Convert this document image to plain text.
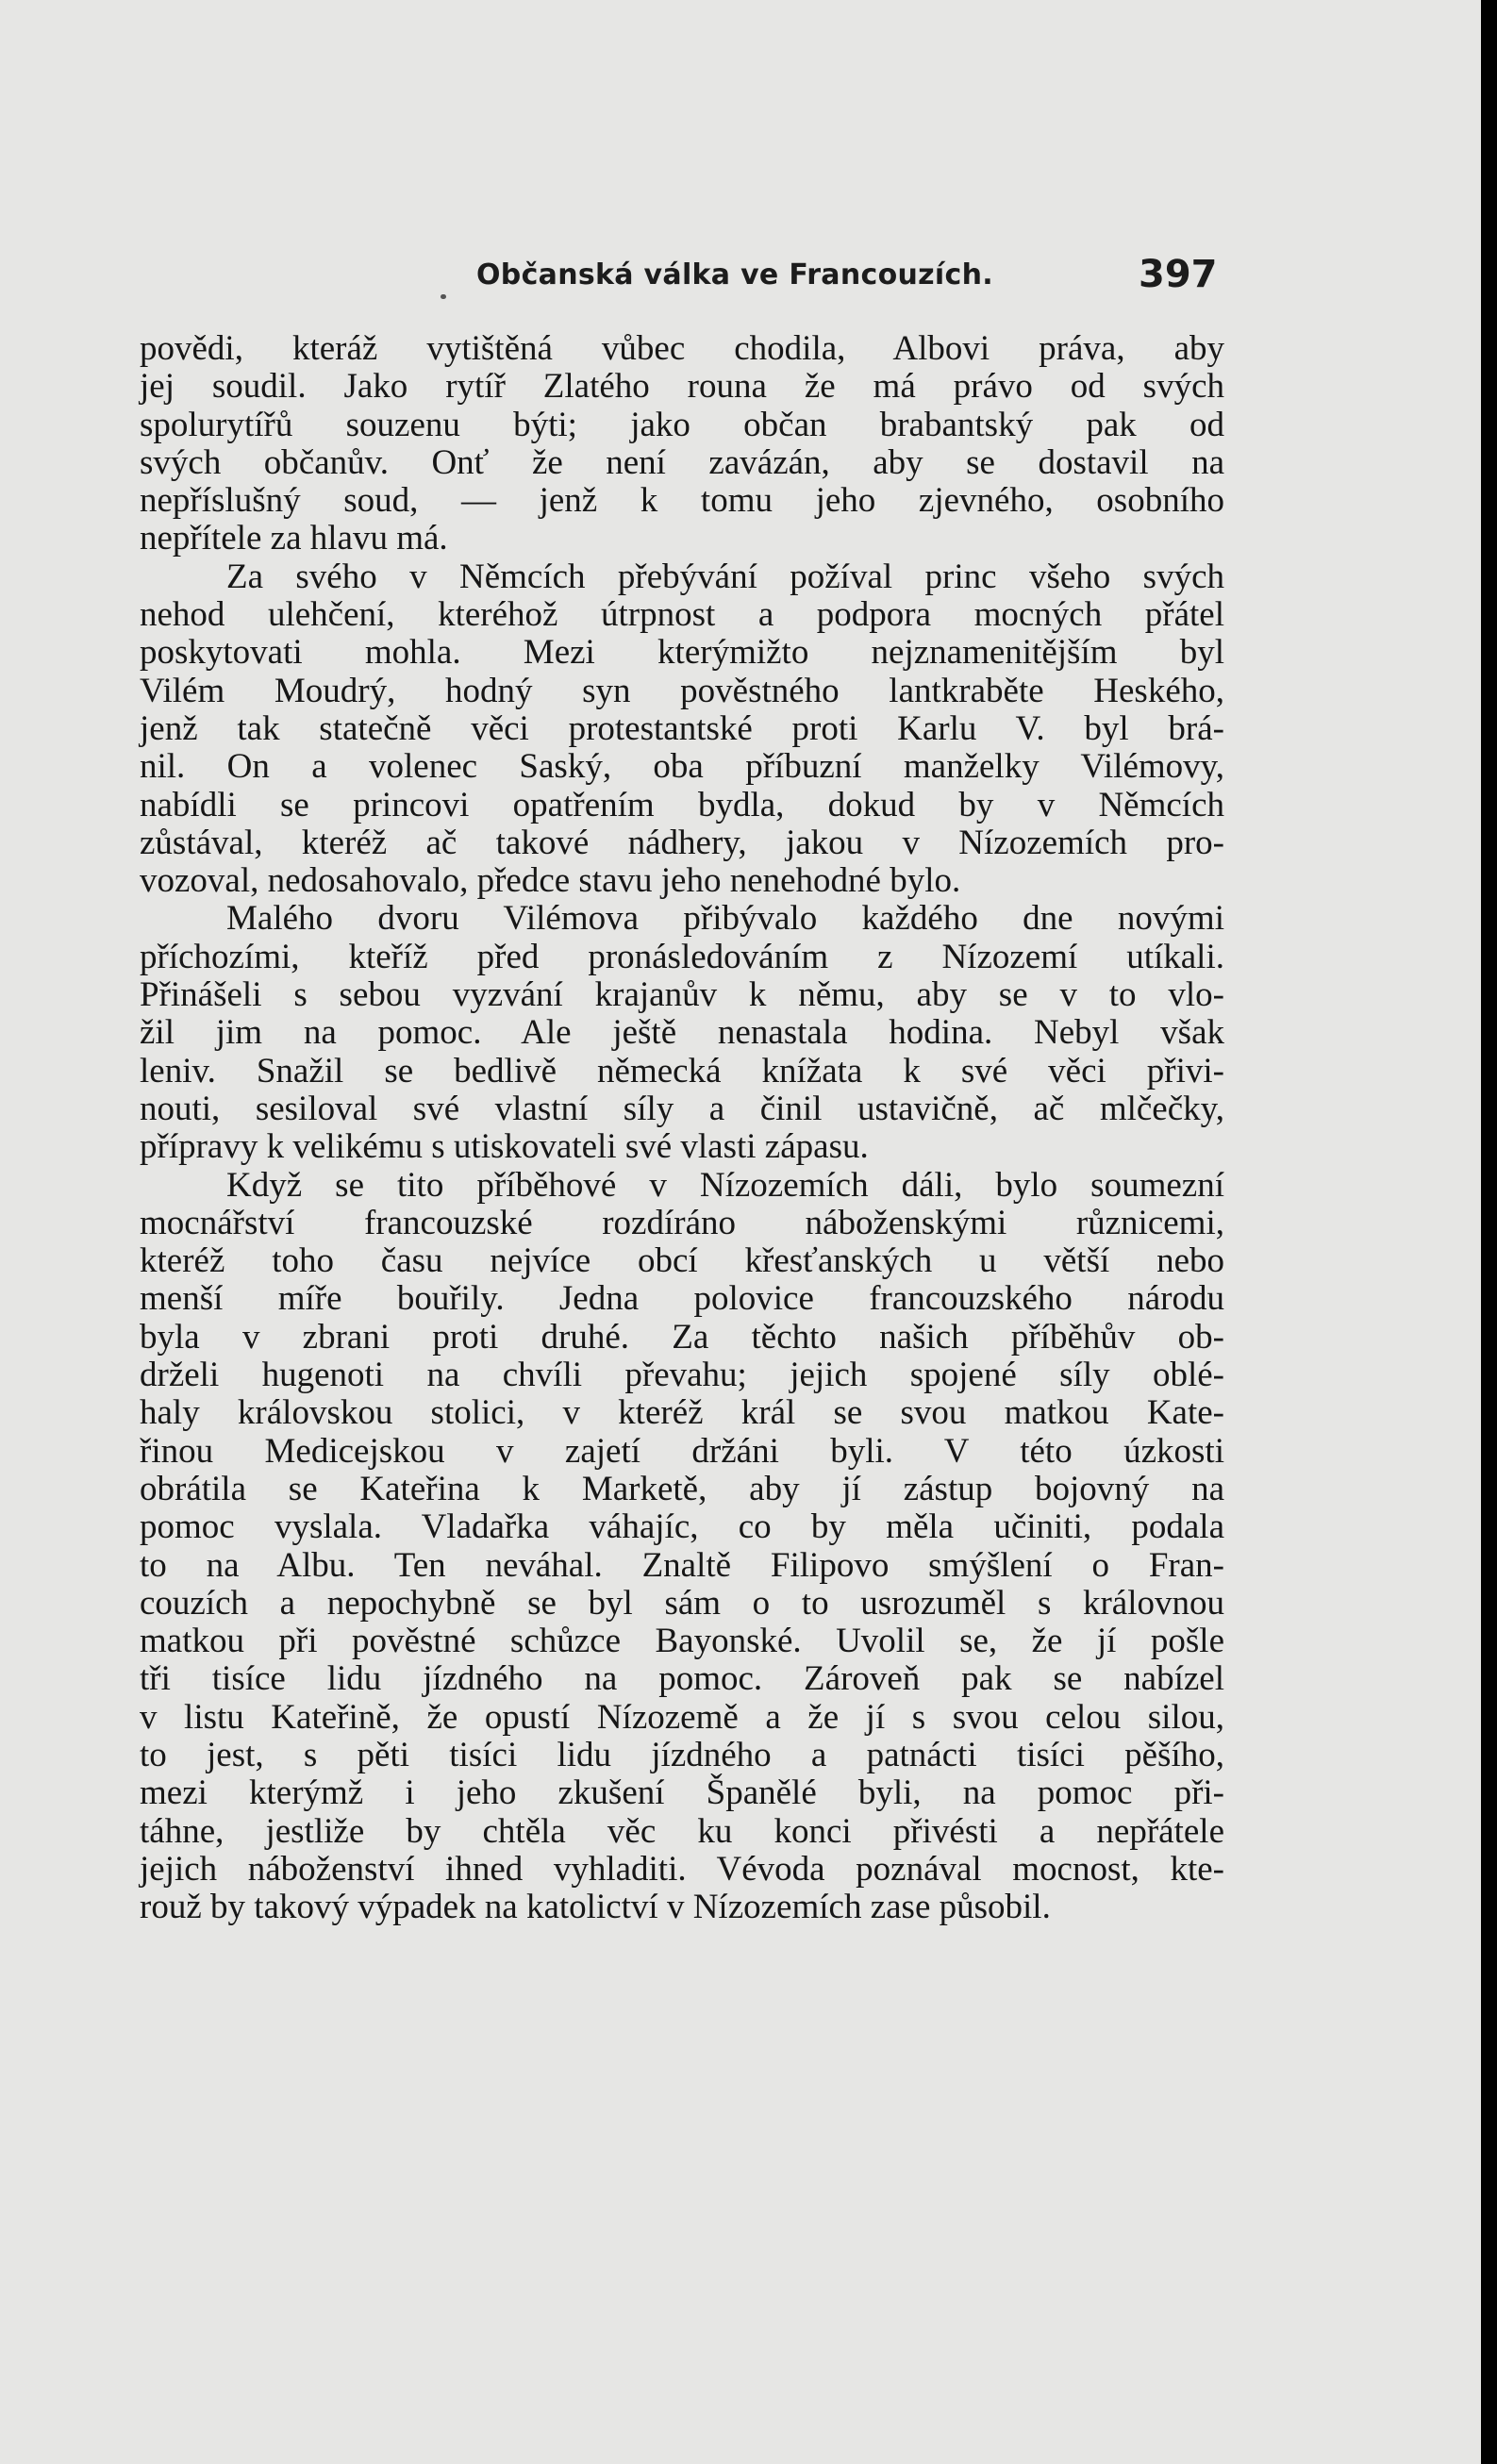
Občanská válka ve Francouzích.	397
povědi, kteráž vytištěná vůbec chodila, Albovi práva, aby
jej soudil. Jako rytíř Zlatého rouna že má právo od svých
spolurytířů souzenu býti; jako občan brabantský pak od
svých občanův. Onť že není zavázán, aby se dostavil na
nepříslušný soud, — jenž k tomu jeho zjevného, osobního
nepřítele za hlavu má.
Za svého v Němcích přebývání požíval princ všeho svých
nehod ulehčení, kteréhož útrpnost a podpora mocných přátel
poskytovati mohla. Mezi kterýmižto nejznamenitějším byl
Vilém Moudrý, hodný syn pověstného lantkraběte Heského,
jenž tak statečně věci protestantské proti Karlu V. byl brá-
nil. On a volenec Saský, oba příbuzní manželky Vilémovy,
nabídli se princovi opatřením bydla, dokud by v Němcích
zůstával, kteréž ač takové nádhery, jakou v Nízozemích pro-
vozoval, nedosahovalo, předce stavu jeho nenehodné bylo.
Malého dvoru Vilémova přibývalo každého dne novými
příchozími, kteříž před pronásledováním z Nízozemí utíkali.
Přinášeli s sebou vyzvání krajanův k němu, aby se v to vlo-
žil jim na pomoc. Ale ještě nenastala hodina. Nebyl však
leniv. Snažil se bedlivě německá knížata k své věci přivi-
nouti, sesiloval své vlastní síly a činil ustavičně, ač mlčečky,
přípravy k velikému s utiskovateli své vlasti zápasu.
Když se tito příběhové v Nízozemích dáli, bylo soumezní
mocnářství francouzské rozdíráno náboženskými různicemi,
kteréž toho času nejvíce obcí křesťanských u větší nebo
menší míře bouřily. Jedna polovice francouzského národu
byla v zbrani proti druhé. Za těchto našich příběhův ob-
drželi hugenoti na chvíli převahu; jejich spojené síly oblé-
haly královskou stolici, v kteréž král se svou matkou Kate-
řinou Medicejskou v zajetí držáni byli. V této úzkosti
obrátila se Kateřina k Marketě, aby jí zástup bojovný na
pomoc vyslala. Vladařka váhajíc, co by měla učiniti, podala
to na Albu. Ten neváhal. Znaltě Filipovo smýšlení o Fran-
couzích a nepochybně se byl sám o to usrozuměl s královnou
matkou při pověstné schůzce Bayonské. Uvolil se, že jí pošle
tři tisíce lidu jízdného na pomoc. Zároveň pak se nabízel
v listu Kateřině, že opustí Nízozemě a že jí s svou celou silou,
to jest, s pěti tisíci lidu jízdného a patnácti tisíci pěšího,
mezi kterýmž i jeho zkušení Španělé byli, na pomoc při-
táhne, jestliže by chtěla věc ku konci přivésti a nepřátele
jejich náboženství ihned vyhladiti. Vévoda poznával mocnost, kte-
rouž by takový výpadek na katolictví v Nízozemích zase působil.
